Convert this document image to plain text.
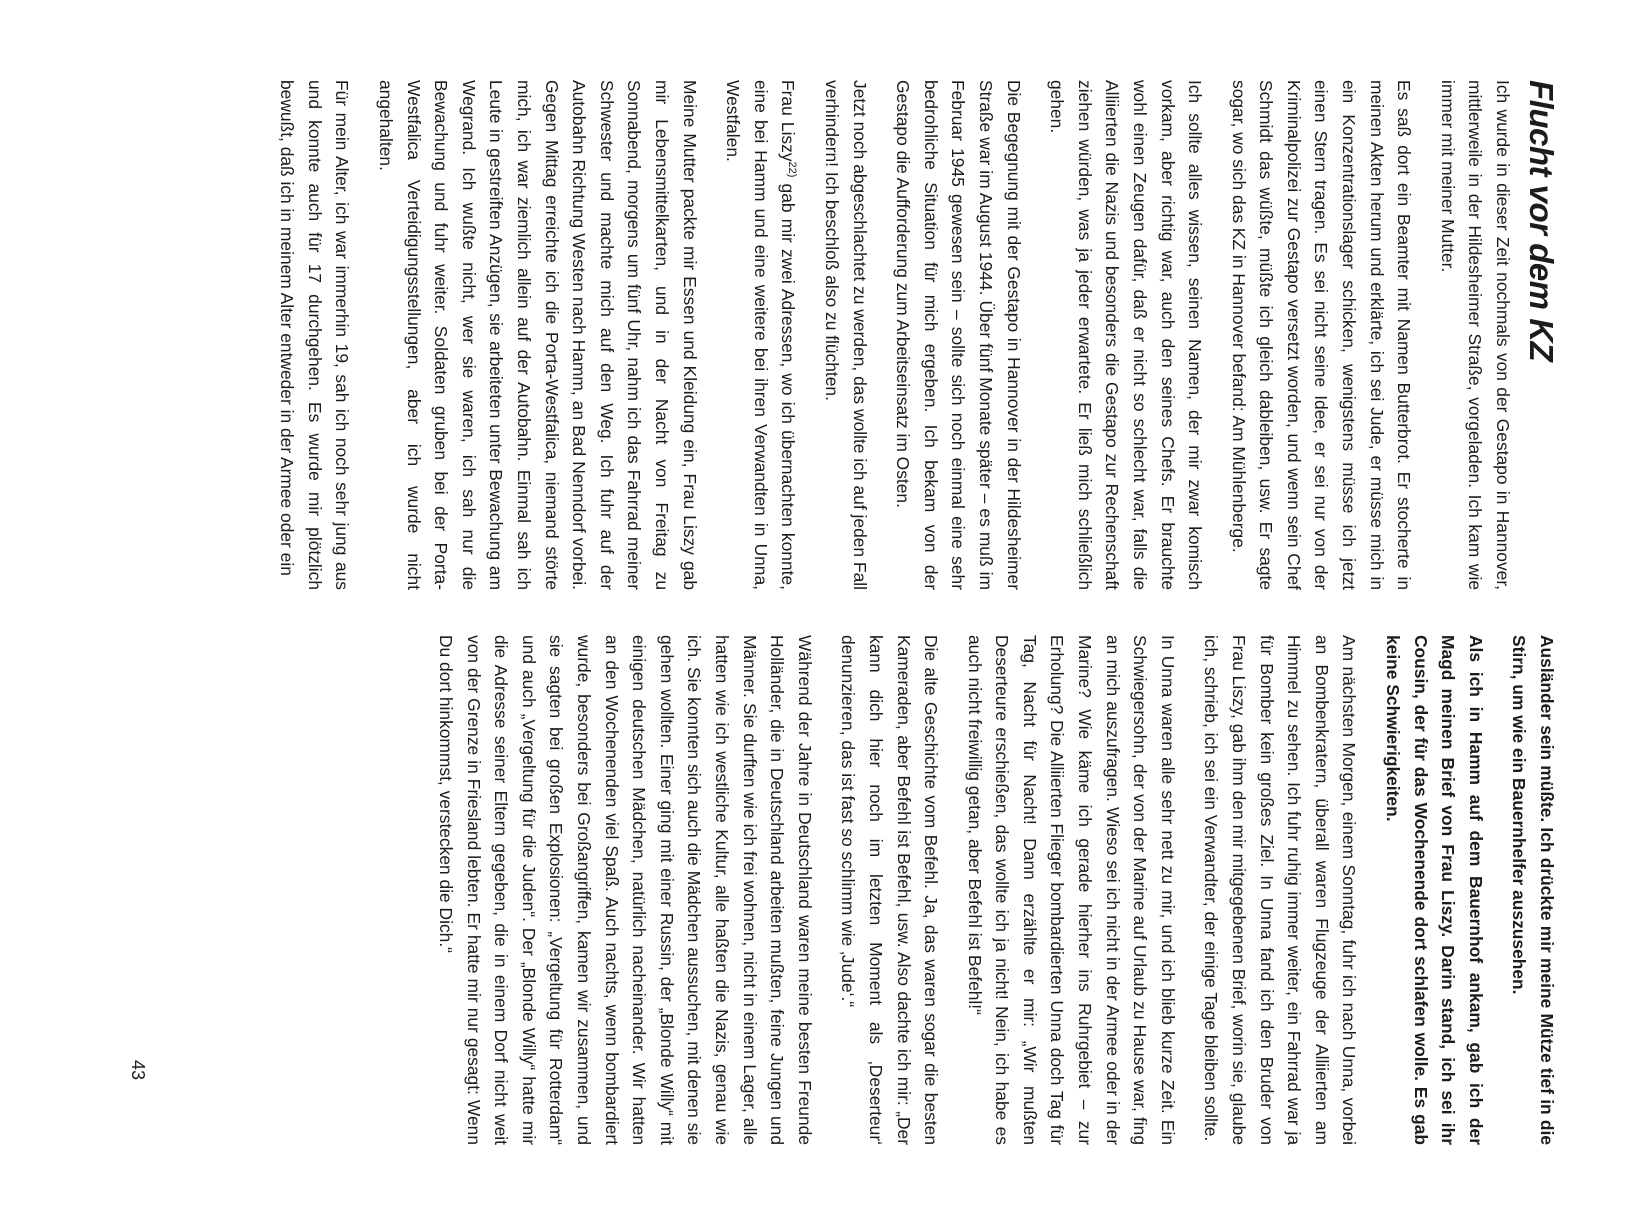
Flucht vor dem KZ

Ich wurde in dieser Zeit nochmals von der Gestapo in Hannover, mittlerweile in der Hildesheimer Straße, vorgeladen. Ich kam wie immer mit meiner Mutter.

Es saß dort ein Beamter mit Namen Butterbrot. Er stocherte in meinen Akten herum und erklärte, ich sei Jude, er müsse mich in ein Konzentrationslager schicken, wenigstens müsse ich jetzt einen Stern tragen. Es sei nicht seine Idee, er sei nur von der Kriminalpolizei zur Gestapo versetzt worden, und wenn sein Chef Schmidt das wüßte, müßte ich gleich dableiben, usw. Er sagte sogar, wo sich das KZ in Hannover befand: Am Mühlenberge.

Ich sollte alles wissen, seinen Namen, der mir zwar komisch vorkam, aber richtig war, auch den seines Chefs. Er brauchte wohl einen Zeugen dafür, daß er nicht so schlecht war, falls die Alliierten die Nazis und besonders die Gestapo zur Rechenschaft ziehen würden, was ja jeder erwartete. Er ließ mich schließlich gehen.

Die Begegnung mit der Gestapo in Hannover in der Hildesheimer Straße war im August 1944. Über fünf Monate später – es muß im Februar 1945 gewesen sein – sollte sich noch einmal eine sehr bedrohliche Situation für mich ergeben. Ich bekam von der Gestapo die Aufforderung zum Arbeitseinsatz im Osten.

Jetzt noch abgeschlachtet zu werden, das wollte ich auf jeden Fall verhindern! Ich beschloß also zu flüchten.

Frau Liszy$^{22)}$ gab mir zwei Adressen, wo ich übernachten konnte, eine bei Hamm und eine weitere bei ihren Verwandten in Unna, Westfalen.

Meine Mutter packte mir Essen und Kleidung ein, Frau Liszy gab mir Lebensmittelkarten, und in der Nacht von Freitag zu Sonnabend, morgens um fünf Uhr, nahm ich das Fahrrad meiner Schwester und machte mich auf den Weg. Ich fuhr auf der Autobahn Richtung Westen nach Hamm, an Bad Nenndorf vorbei. Gegen Mittag erreichte ich die Porta-Westfalica, niemand störte mich, ich war ziemlich allein auf der Autobahn. Einmal sah ich Leute in gestreiften Anzügen, sie arbeiteten unter Bewachung am Wegrand. Ich wußte nicht, wer sie waren, ich sah nur die Bewachung und fuhr weiter. Soldaten gruben bei der Porta-Westfalica Verteidigungsstellungen, aber ich wurde nicht angehalten.

Für mein Alter, ich war immerhin 19, sah ich noch sehr jung aus und konnte auch für 17 durchgehen. Es wurde mir plötzlich bewußt, daß ich in meinem Alter entweder in der Armee oder ein

Ausländer sein müßte. Ich drückte mir meine Mütze tief in die Stirn, um wie ein Bauernhelfer auszusehen.

Als ich in Hamm auf dem Bauernhof ankam, gab ich der Magd meinen Brief von Frau Liszy. Darin stand, ich sei ihr Cousin, der für das Wochenende dort schlafen wolle. Es gab keine Schwierigkeiten.

Am nächsten Morgen, einem Sonntag, fuhr ich nach Unna, vorbei an Bombenkratern, überall waren Flugzeuge der Alliierten am Himmel zu sehen. Ich fuhr ruhig immer weiter, ein Fahrrad war ja für Bomber kein großes Ziel. In Unna fand ich den Bruder von Frau Liszy, gab ihm den mir mitgegebenen Brief, worin sie, glaube ich, schrieb, ich sei ein Verwandter, der einige Tage bleiben sollte.

In Unna waren alle sehr nett zu mir, und ich blieb kurze Zeit. Ein Schwiegersohn, der von der Marine auf Urlaub zu Hause war, fing an mich auszufragen. Wieso sei ich nicht in der Armee oder in der Marine? Wie käme ich gerade hierher ins Ruhrgebiet – zur Erholung? Die Alliierten Flieger bombardierten Unna doch Tag für Tag, Nacht für Nacht! Dann erzählte er mir: „Wir mußten Deserteure erschießen, das wollte ich ja nicht! Nein, ich habe es auch nicht freiwillig getan, aber Befehl ist Befehl!“

Die alte Geschichte vom Befehl. Ja, das waren sogar die besten Kameraden, aber Befehl ist Befehl, usw. Also dachte ich mir: „Der kann dich hier noch im letzten Moment als ‚Deserteur‘ denunzieren, das ist fast so schlimm wie ‚Jude‘.“

Während der Jahre in Deutschland waren meine besten Freunde Holländer, die in Deutschland arbeiten mußten, feine Jungen und Männer. Sie durften wie ich frei wohnen, nicht in einem Lager, alle hatten wie ich westliche Kultur, alle haßten die Nazis, genau wie ich. Sie konnten sich auch die Mädchen aussuchen, mit denen sie gehen wollten. Einer ging mit einer Russin, der „Blonde Willy“ mit einigen deutschen Mädchen, natürlich nacheinander. Wir hatten an den Wochenenden viel Spaß. Auch nachts, wenn bombardiert wurde, besonders bei Großangriffen, kamen wir zusammen, und sie sagten bei großen Explosionen: „Vergeltung für Rotterdam“ und auch „Vergeltung für die Juden“. Der „Blonde Willy“ hatte mir die Adresse seiner Eltern gegeben, die in einem Dorf nicht weit von der Grenze in Friesland lebten. Er hatte mir nur gesagt: Wenn Du dort hinkommst, verstecken die Dich.“

43
